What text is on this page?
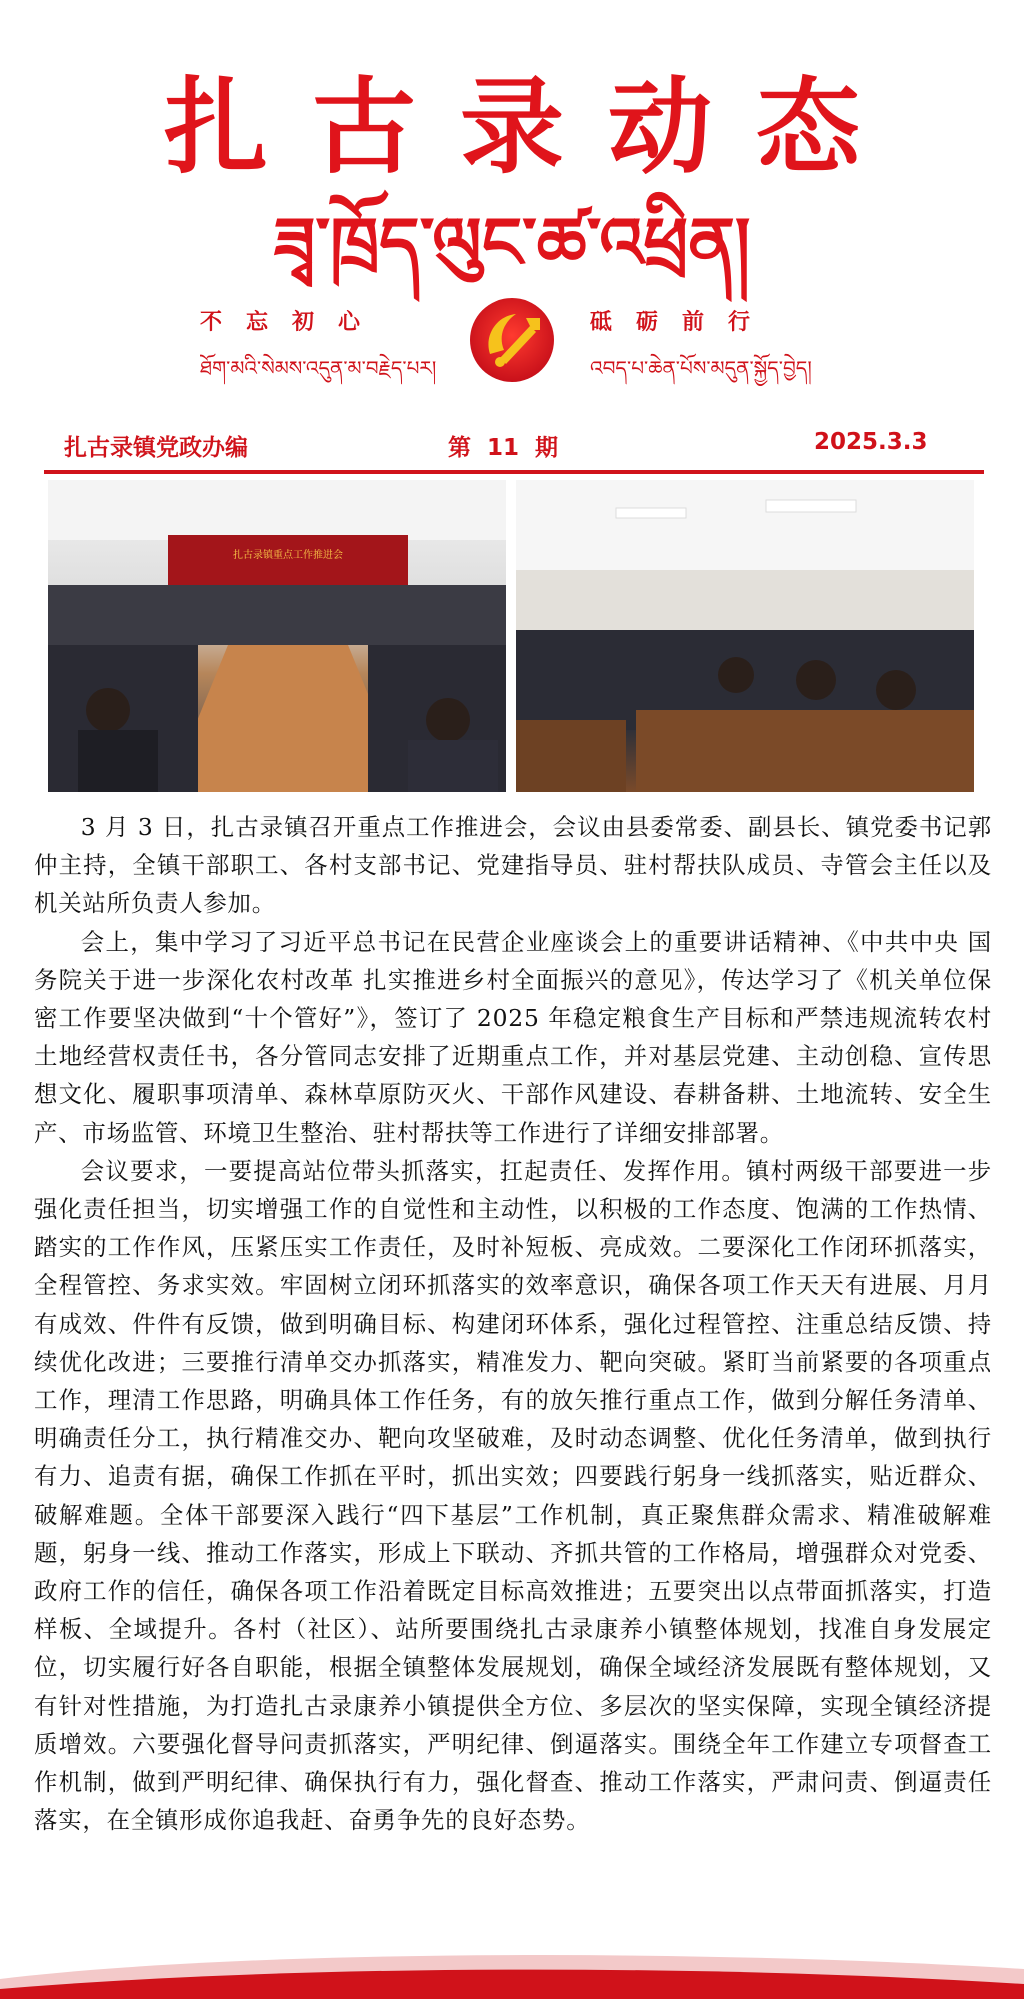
扎古录动态
ཟྭ་ཁྲོད་ལུང་ཚ་འཕྲིན།
不忘初心	砥砺前行
ཐོག་མའི་སེམས་འདུན་མ་བརྗེད་པར།	འབད་པ་ཆེན་པོས་མདུན་སྐྱོད་བྱེད།
扎古录镇党政办编	第  11  期	2025.3.3
扎古录镇重点工作推进会

3 月 3 日，扎古录镇召开重点工作推进会，会议由县委常委、副县长、镇党委书记郭仲主持，全镇干部职工、各村支部书记、党建指导员、驻村帮扶队成员、寺管会主任以及机关站所负责人参加。

会上，集中学习了习近平总书记在民营企业座谈会上的重要讲话精神、《中共中央 国务院关于进一步深化农村改革 扎实推进乡村全面振兴的意见》，传达学习了《机关单位保密工作要坚决做到“十个管好”》，签订了 2025 年稳定粮食生产目标和严禁违规流转农村土地经营权责任书，各分管同志安排了近期重点工作，并对基层党建、主动创稳、宣传思想文化、履职事项清单、森林草原防灭火、干部作风建设、春耕备耕、土地流转、安全生产、市场监管、环境卫生整治、驻村帮扶等工作进行了详细安排部署。

会议要求，一要提高站位带头抓落实，扛起责任、发挥作用。镇村两级干部要进一步强化责任担当，切实增强工作的自觉性和主动性，以积极的工作态度、饱满的工作热情、踏实的工作作风，压紧压实工作责任，及时补短板、亮成效。二要深化工作闭环抓落实，全程管控、务求实效。牢固树立闭环抓落实的效率意识，确保各项工作天天有进展、月月有成效、件件有反馈，做到明确目标、构建闭环体系，强化过程管控、注重总结反馈、持续优化改进；三要推行清单交办抓落实，精准发力、靶向突破。紧盯当前紧要的各项重点工作，理清工作思路，明确具体工作任务，有的放矢推行重点工作，做到分解任务清单、明确责任分工，执行精准交办、靶向攻坚破难，及时动态调整、优化任务清单，做到执行有力、追责有据，确保工作抓在平时，抓出实效；四要践行躬身一线抓落实，贴近群众、破解难题。全体干部要深入践行“四下基层”工作机制，真正聚焦群众需求、精准破解难题，躬身一线、推动工作落实，形成上下联动、齐抓共管的工作格局，增强群众对党委、政府工作的信任，确保各项工作沿着既定目标高效推进；五要突出以点带面抓落实，打造样板、全域提升。各村（社区）、站所要围绕扎古录康养小镇整体规划，找准自身发展定位，切实履行好各自职能，根据全镇整体发展规划，确保全域经济发展既有整体规划，又有针对性措施，为打造扎古录康养小镇提供全方位、多层次的坚实保障，实现全镇经济提质增效。六要强化督导问责抓落实，严明纪律、倒逼落实。围绕全年工作建立专项督查工作机制，做到严明纪律、确保执行有力，强化督查、推动工作落实，严肃问责、倒逼责任落实，在全镇形成你追我赶、奋勇争先的良好态势。
